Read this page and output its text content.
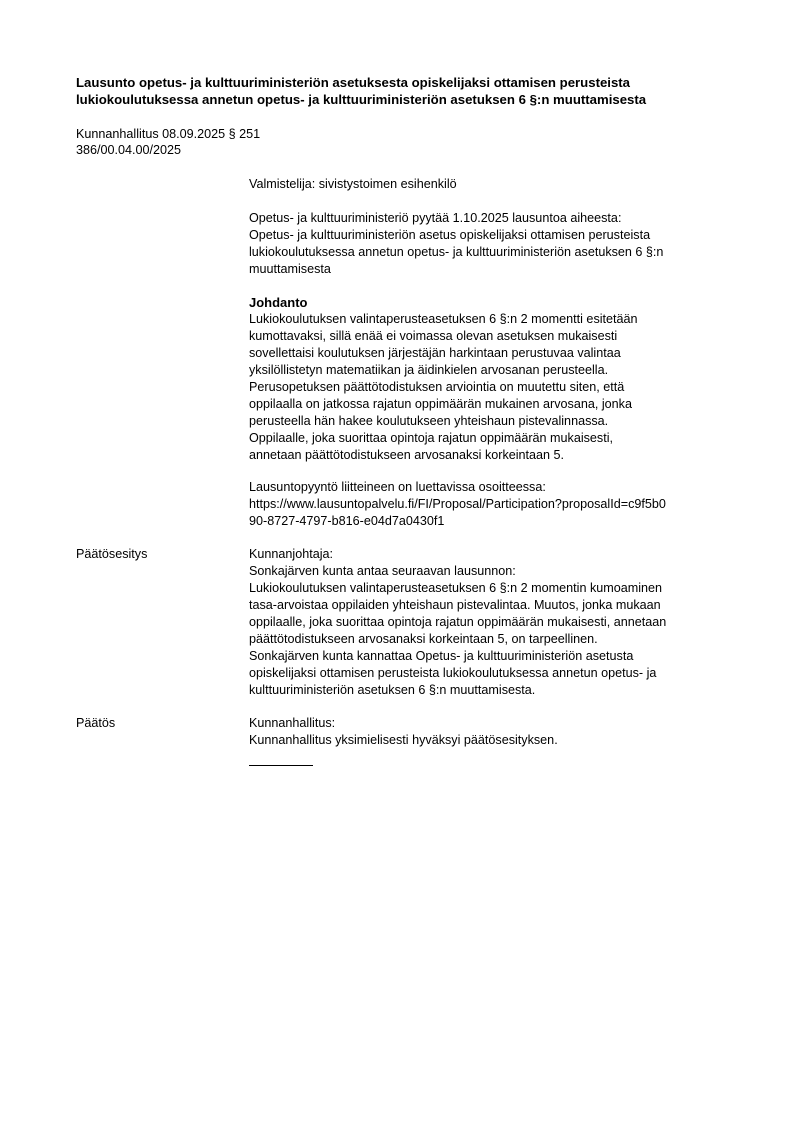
Lausunto opetus- ja kulttuuriministeriön asetuksesta opiskelijaksi ottamisen perusteista
lukiokoulutuksessa annetun opetus- ja kulttuuriministeriön asetuksen 6 §:n muuttamisesta
Kunnanhallitus 08.09.2025 § 251
386/00.04.00/2025

Valmistelija: sivistystoimen esihenkilö

Opetus- ja kulttuuriministeriö pyytää 1.10.2025 lausuntoa aiheesta:

Opetus- ja kulttuuriministeriön asetus opiskelijaksi ottamisen perusteista

lukiokoulutuksessa annetun opetus- ja kulttuuriministeriön asetuksen 6 §:n

muuttamisesta

Johdanto

Lukiokoulutuksen valintaperusteasetuksen 6 §:n 2 momentti esitetään

kumottavaksi, sillä enää ei voimassa olevan asetuksen mukaisesti

sovellettaisi koulutuksen järjestäjän harkintaan perustuvaa valintaa

yksilöllistetyn matematiikan ja äidinkielen arvosanan perusteella.

Perusopetuksen päättötodistuksen arviointia on muutettu siten, että

oppilaalla on jatkossa rajatun oppimäärän mukainen arvosana, jonka

perusteella hän hakee koulutukseen yhteishaun pistevalinnassa.

Oppilaalle, joka suorittaa opintoja rajatun oppimäärän mukaisesti,

annetaan päättötodistukseen arvosanaksi korkeintaan 5.

Lausuntopyyntö liitteineen on luettavissa osoitteessa:

https://www.lausuntopalvelu.fi/FI/Proposal/Participation?proposalId=c9f5b0

90-8727-4797-b816-e04d7a0430f1

Päätösesitys	Kunnanjohtaja:

Sonkajärven kunta antaa seuraavan lausunnon:

Lukiokoulutuksen valintaperusteasetuksen 6 §:n 2 momentin kumoaminen

tasa-arvoistaa oppilaiden yhteishaun pistevalintaa. Muutos, jonka mukaan

oppilaalle, joka suorittaa opintoja rajatun oppimäärän mukaisesti, annetaan

päättötodistukseen arvosanaksi korkeintaan 5, on tarpeellinen.

Sonkajärven kunta kannattaa Opetus- ja kulttuuriministeriön asetusta

opiskelijaksi ottamisen perusteista lukiokoulutuksessa annetun opetus- ja

kulttuuriministeriön asetuksen 6 §:n muuttamisesta.

Päätös	Kunnanhallitus:

Kunnanhallitus yksimielisesti hyväksyi päätösesityksen.
